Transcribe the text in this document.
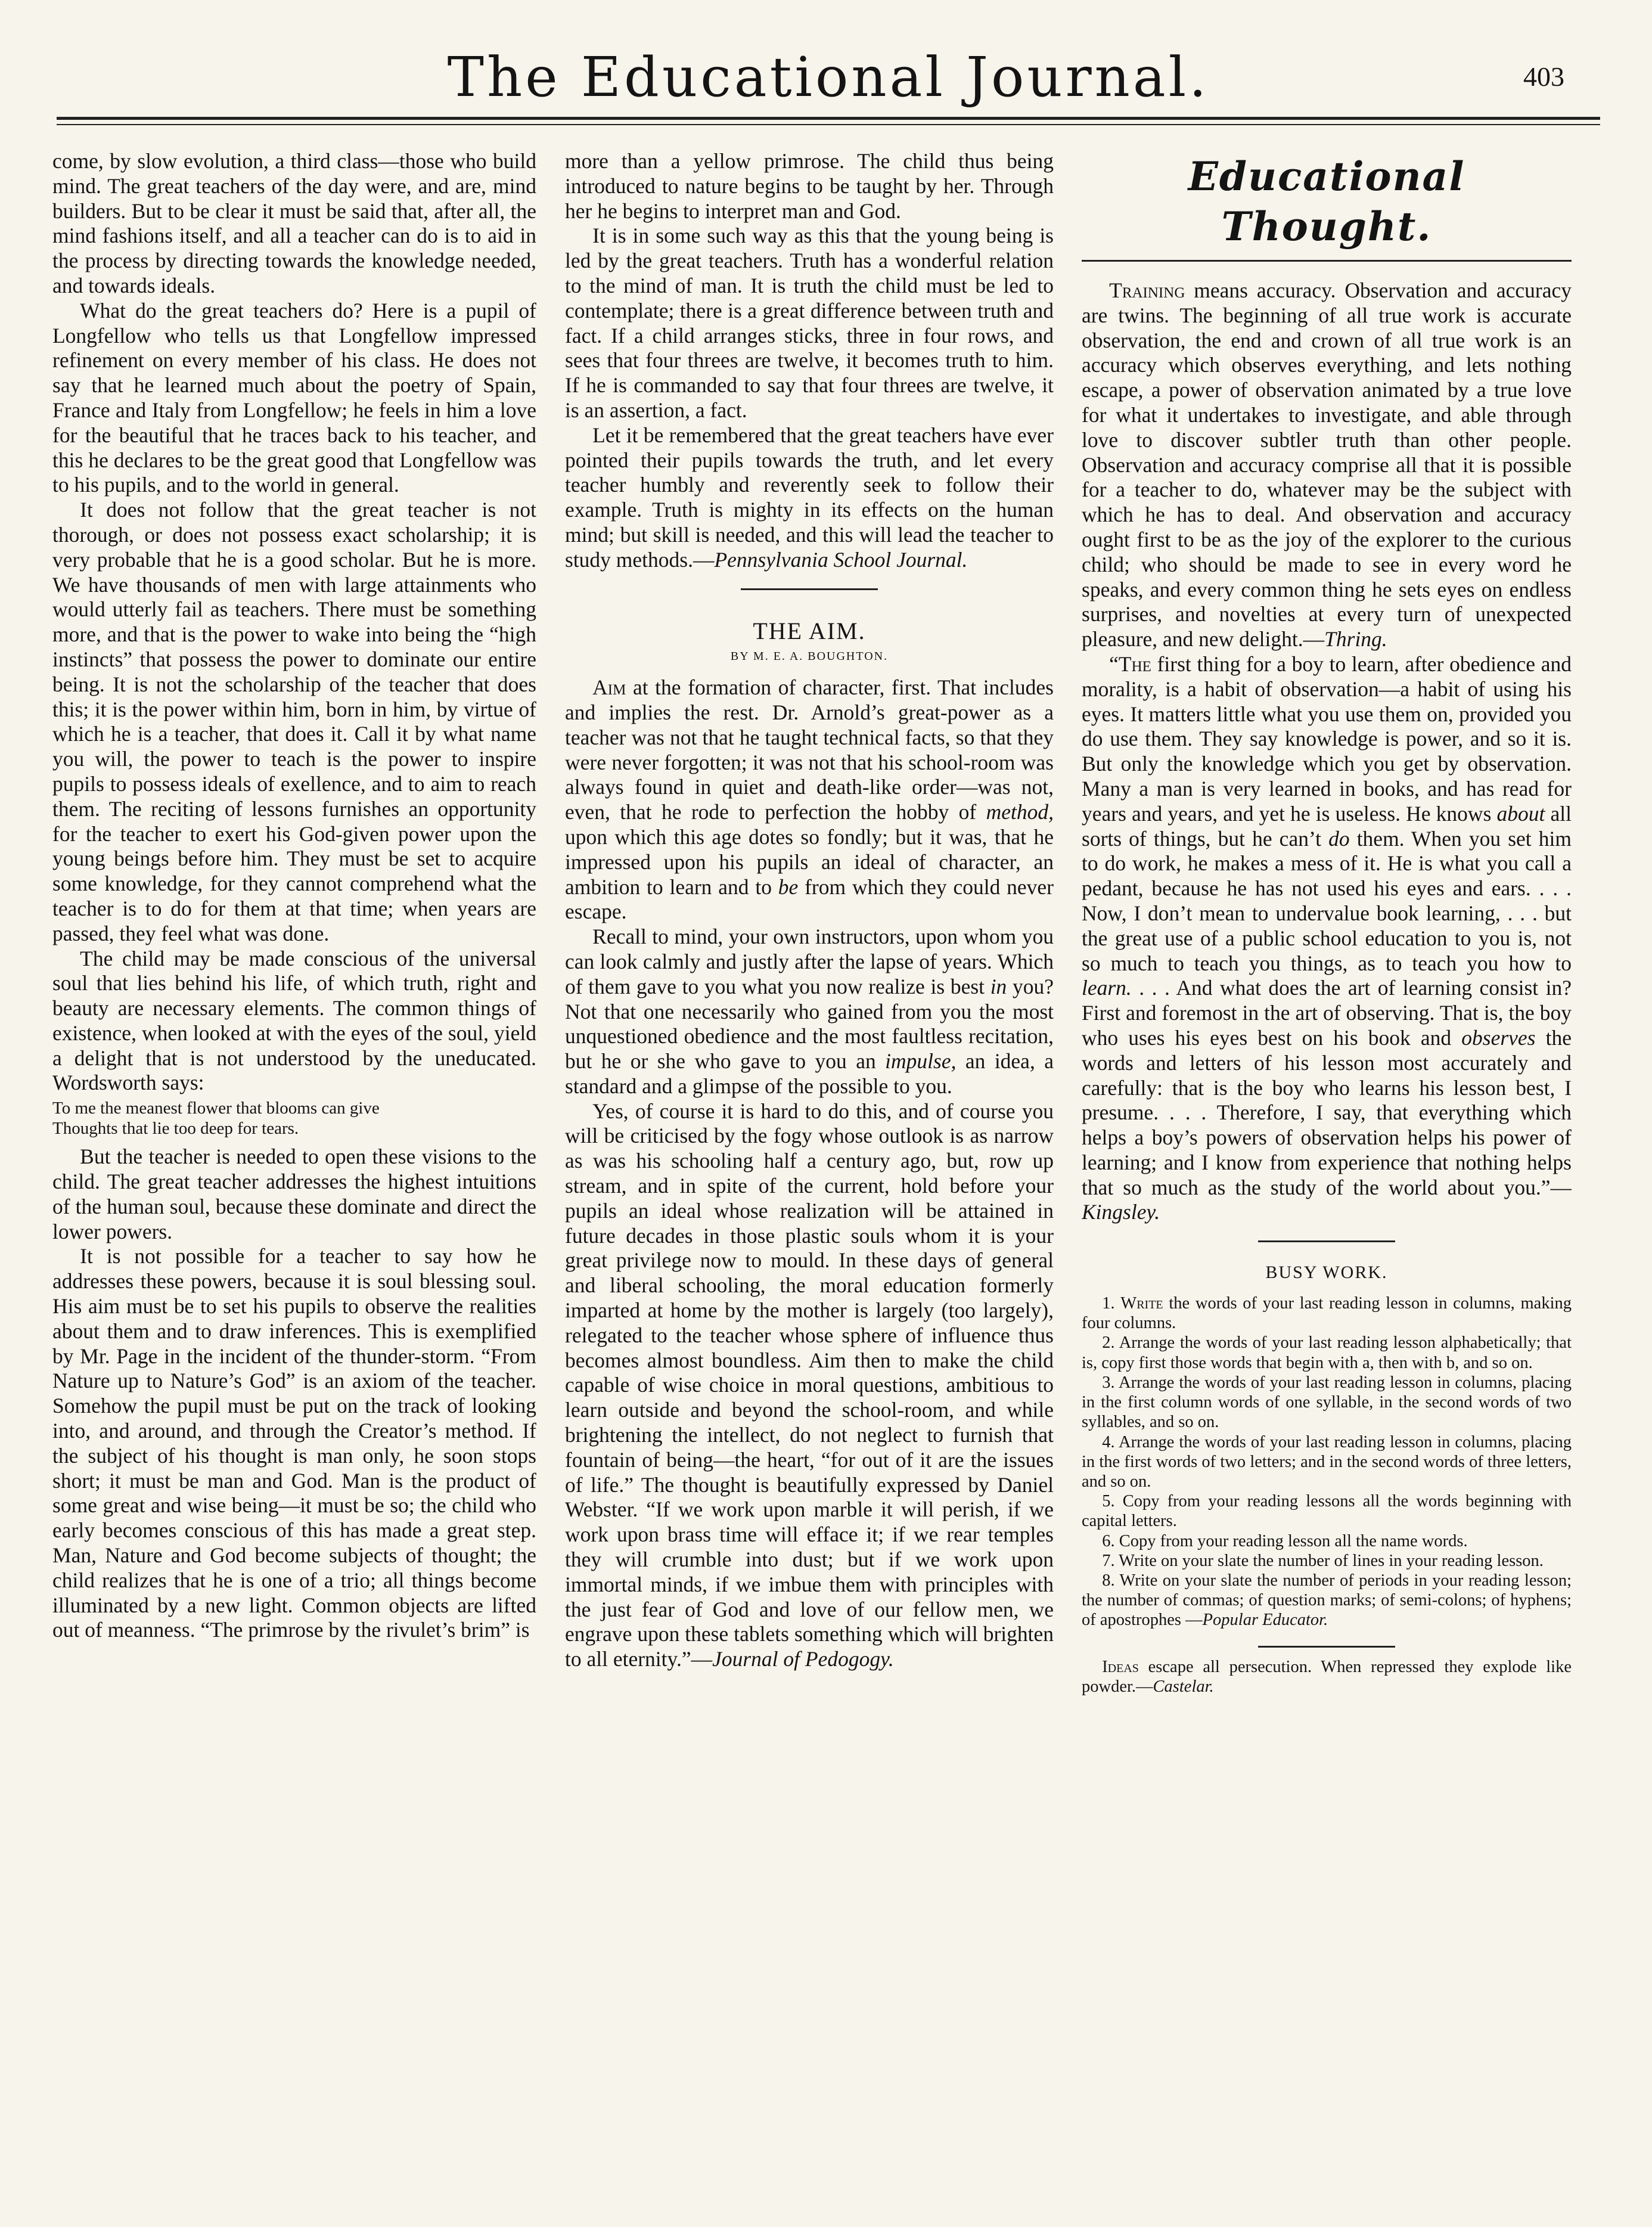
The Educational Journal.	403

come, by slow evolution, a third class—those who build mind. The great teachers of the day were, and are, mind builders. But to be clear it must be said that, after all, the mind fashions itself, and all a teacher can do is to aid in the process by directing towards the knowledge needed, and towards ideals.

What do the great teachers do? Here is a pupil of Longfellow who tells us that Longfellow impressed refinement on every member of his class. He does not say that he learned much about the poetry of Spain, France and Italy from Longfellow; he feels in him a love for the beautiful that he traces back to his teacher, and this he declares to be the great good that Longfellow was to his pupils, and to the world in general.

It does not follow that the great teacher is not thorough, or does not possess exact scholarship; it is very probable that he is a good scholar. But he is more. We have thousands of men with large attainments who would utterly fail as teachers. There must be something more, and that is the power to wake into being the “high instincts” that possess the power to dominate our entire being. It is not the scholarship of the teacher that does this; it is the power within him, born in him, by virtue of which he is a teacher, that does it. Call it by what name you will, the power to teach is the power to inspire pupils to possess ideals of exellence, and to aim to reach them. The reciting of lessons furnishes an opportunity for the teacher to exert his God-given power upon the young beings before him. They must be set to acquire some knowledge, for they cannot comprehend what the teacher is to do for them at that time; when years are passed, they feel what was done.

The child may be made conscious of the universal soul that lies behind his life, of which truth, right and beauty are necessary elements. The common things of existence, when looked at with the eyes of the soul, yield a delight that is not understood by the uneducated. Wordsworth says:

To me the meanest flower that blooms can give
Thoughts that lie too deep for tears.

But the teacher is needed to open these visions to the child. The great teacher addresses the highest intuitions of the human soul, because these dominate and direct the lower powers.

It is not possible for a teacher to say how he addresses these powers, because it is soul blessing soul. His aim must be to set his pupils to observe the realities about them and to draw inferences. This is exemplified by Mr. Page in the incident of the thunder-storm. “From Nature up to Nature’s God” is an axiom of the teacher. Somehow the pupil must be put on the track of looking into, and around, and through the Creator’s method. If the subject of his thought is man only, he soon stops short; it must be man and God. Man is the product of some great and wise being—it must be so; the child who early becomes conscious of this has made a great step. Man, Nature and God become subjects of thought; the child realizes that he is one of a trio; all things become illuminated by a new light. Common objects are lifted out of meanness. “The primrose by the rivulet’s brim” is

more than a yellow primrose. The child thus being introduced to nature begins to be taught by her. Through her he begins to interpret man and God.

It is in some such way as this that the young being is led by the great teachers. Truth has a wonderful relation to the mind of man. It is truth the child must be led to contemplate; there is a great difference between truth and fact. If a child arranges sticks, three in four rows, and sees that four threes are twelve, it becomes truth to him. If he is commanded to say that four threes are twelve, it is an assertion, a fact.

Let it be remembered that the great teachers have ever pointed their pupils towards the truth, and let every teacher humbly and reverently seek to follow their example. Truth is mighty in its effects on the human mind; but skill is needed, and this will lead the teacher to study methods.—Pennsylvania School Journal.

THE AIM.
BY M. E. A. BOUGHTON.

Aim at the formation of character, first. That includes and implies the rest. Dr. Arnold’s great-power as a teacher was not that he taught technical facts, so that they were never forgotten; it was not that his school-room was always found in quiet and death-like order—was not, even, that he rode to perfection the hobby of method, upon which this age dotes so fondly; but it was, that he impressed upon his pupils an ideal of character, an ambition to learn and to be from which they could never escape.

Recall to mind, your own instructors, upon whom you can look calmly and justly after the lapse of years. Which of them gave to you what you now realize is best in you? Not that one necessarily who gained from you the most unquestioned obedience and the most faultless recitation, but he or she who gave to you an impulse, an idea, a standard and a glimpse of the possible to you.

Yes, of course it is hard to do this, and of course you will be criticised by the fogy whose outlook is as narrow as was his schooling half a century ago, but, row up stream, and in spite of the current, hold before your pupils an ideal whose realization will be attained in future decades in those plastic souls whom it is your great privilege now to mould. In these days of general and liberal schooling, the moral education formerly imparted at home by the mother is largely (too largely), relegated to the teacher whose sphere of influence thus becomes almost boundless. Aim then to make the child capable of wise choice in moral questions, ambitious to learn outside and beyond the school-room, and while brightening the intellect, do not neglect to furnish that fountain of being—the heart, “for out of it are the issues of life.” The thought is beautifully expressed by Daniel Webster. “If we work upon marble it will perish, if we work upon brass time will efface it; if we rear temples they will crumble into dust; but if we work upon immortal minds, if we imbue them with principles with the just fear of God and love of our fellow men, we engrave upon these tablets something which will brighten to all eternity.”—Journal of Pedogogy.

Educational Thought.

Training means accuracy. Observation and accuracy are twins. The beginning of all true work is accurate observation, the end and crown of all true work is an accuracy which observes everything, and lets nothing escape, a power of observation animated by a true love for what it undertakes to investigate, and able through love to discover subtler truth than other people. Observation and accuracy comprise all that it is possible for a teacher to do, whatever may be the subject with which he has to deal. And observation and accuracy ought first to be as the joy of the explorer to the curious child; who should be made to see in every word he speaks, and every common thing he sets eyes on endless surprises, and novelties at every turn of unexpected pleasure, and new delight.—Thring.

“The first thing for a boy to learn, after obedience and morality, is a habit of observation—a habit of using his eyes. It matters little what you use them on, provided you do use them. They say knowledge is power, and so it is. But only the knowledge which you get by observation. Many a man is very learned in books, and has read for years and years, and yet he is useless. He knows about all sorts of things, but he can’t do them. When you set him to do work, he makes a mess of it. He is what you call a pedant, because he has not used his eyes and ears. . . . Now, I don’t mean to undervalue book learning, . . . but the great use of a public school education to you is, not so much to teach you things, as to teach you how to learn. . . . And what does the art of learning consist in? First and foremost in the art of observing. That is, the boy who uses his eyes best on his book and observes the words and letters of his lesson most accurately and carefully: that is the boy who learns his lesson best, I presume. . . . Therefore, I say, that everything which helps a boy’s powers of observation helps his power of learning; and I know from experience that nothing helps that so much as the study of the world about you.”—Kingsley.

BUSY WORK.

1. Write the words of your last reading lesson in columns, making four columns.

2. Arrange the words of your last reading lesson alphabetically; that is, copy first those words that begin with a, then with b, and so on.

3. Arrange the words of your last reading lesson in columns, placing in the first column words of one syllable, in the second words of two syllables, and so on.

4. Arrange the words of your last reading lesson in columns, placing in the first words of two letters; and in the second words of three letters, and so on.

5. Copy from your reading lessons all the words beginning with capital letters.

6. Copy from your reading lesson all the name words.

7. Write on your slate the number of lines in your reading lesson.

8. Write on your slate the number of periods in your reading lesson; the number of commas; of question marks; of semi-colons; of hyphens; of apostrophes —Popular Educator.

Ideas escape all persecution. When repressed they explode like powder.—Castelar.
